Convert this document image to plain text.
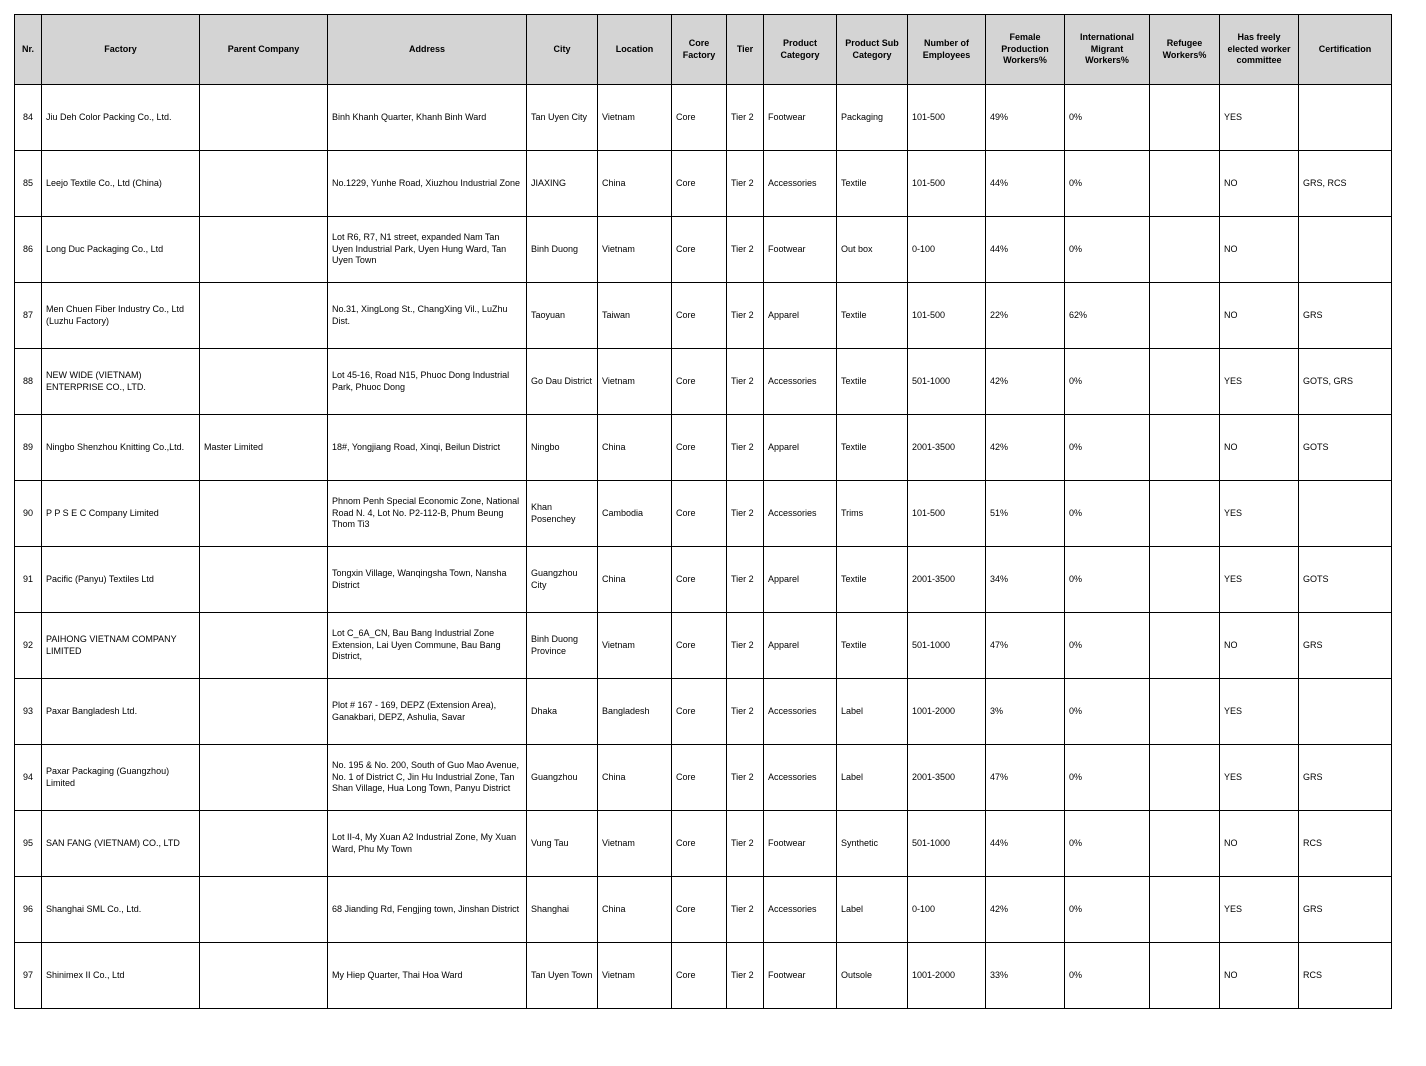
Nr.	Factory	Parent Company	Address	City	Location	Core Factory	Tier	Product Category	Product Sub Category	Number of Employees	Female Production Workers%	International Migrant Workers%	Refugee Workers%	Has freely elected worker committee	Certification
84	Jiu Deh Color Packing Co., Ltd.		Binh Khanh Quarter, Khanh Binh Ward	Tan Uyen City	Vietnam	Core	Tier 2	Footwear	Packaging	101-500	49%	0%		YES	
85	Leejo Textile Co., Ltd (China)		No.1229, Yunhe Road, Xiuzhou Industrial Zone	JIAXING	China	Core	Tier 2	Accessories	Textile	101-500	44%	0%		NO	GRS, RCS
86	Long Duc Packaging Co., Ltd		Lot R6, R7, N1 street, expanded Nam Tan Uyen Industrial Park, Uyen Hung Ward, Tan Uyen Town	Binh Duong	Vietnam	Core	Tier 2	Footwear	Out box	0-100	44%	0%		NO	
87	Men Chuen Fiber Industry Co., Ltd (Luzhu Factory)		No.31, XingLong St., ChangXing Vil., LuZhu Dist.	Taoyuan	Taiwan	Core	Tier 2	Apparel	Textile	101-500	22%	62%		NO	GRS
88	NEW WIDE (VIETNAM) ENTERPRISE CO., LTD.		Lot 45-16, Road N15, Phuoc Dong Industrial Park, Phuoc Dong	Go Dau District	Vietnam	Core	Tier 2	Accessories	Textile	501-1000	42%	0%		YES	GOTS, GRS
89	Ningbo Shenzhou Knitting Co.,Ltd.	Master Limited	18#, Yongjiang Road, Xinqi, Beilun District	Ningbo	China	Core	Tier 2	Apparel	Textile	2001-3500	42%	0%		NO	GOTS
90	P P S E C Company Limited		Phnom Penh Special Economic Zone, National Road N. 4, Lot No. P2-112-B, Phum Beung Thom Ti3	Khan Posenchey	Cambodia	Core	Tier 2	Accessories	Trims	101-500	51%	0%		YES	
91	Pacific (Panyu) Textiles Ltd		Tongxin Village, Wanqingsha Town, Nansha District	Guangzhou City	China	Core	Tier 2	Apparel	Textile	2001-3500	34%	0%		YES	GOTS
92	PAIHONG VIETNAM COMPANY LIMITED		Lot C_6A_CN, Bau Bang Industrial Zone Extension, Lai Uyen Commune, Bau Bang District,	Binh Duong Province	Vietnam	Core	Tier 2	Apparel	Textile	501-1000	47%	0%		NO	GRS
93	Paxar Bangladesh Ltd.		Plot # 167 - 169, DEPZ (Extension Area), Ganakbari, DEPZ, Ashulia, Savar	Dhaka	Bangladesh	Core	Tier 2	Accessories	Label	1001-2000	3%	0%		YES	
94	Paxar Packaging (Guangzhou) Limited		No. 195 & No. 200, South of Guo Mao Avenue, No. 1 of District C, Jin Hu Industrial Zone, Tan Shan Village, Hua Long Town, Panyu District	Guangzhou	China	Core	Tier 2	Accessories	Label	2001-3500	47%	0%		YES	GRS
95	SAN FANG (VIETNAM) CO., LTD		Lot II-4, My Xuan A2 Industrial Zone, My Xuan Ward, Phu My Town	Vung Tau	Vietnam	Core	Tier 2	Footwear	Synthetic	501-1000	44%	0%		NO	RCS
96	Shanghai SML Co., Ltd.		68 Jianding Rd, Fengjing town, Jinshan District	Shanghai	China	Core	Tier 2	Accessories	Label	0-100	42%	0%		YES	GRS
97	Shinimex II Co., Ltd		My Hiep Quarter, Thai Hoa Ward	Tan Uyen Town	Vietnam	Core	Tier 2	Footwear	Outsole	1001-2000	33%	0%		NO	RCS
